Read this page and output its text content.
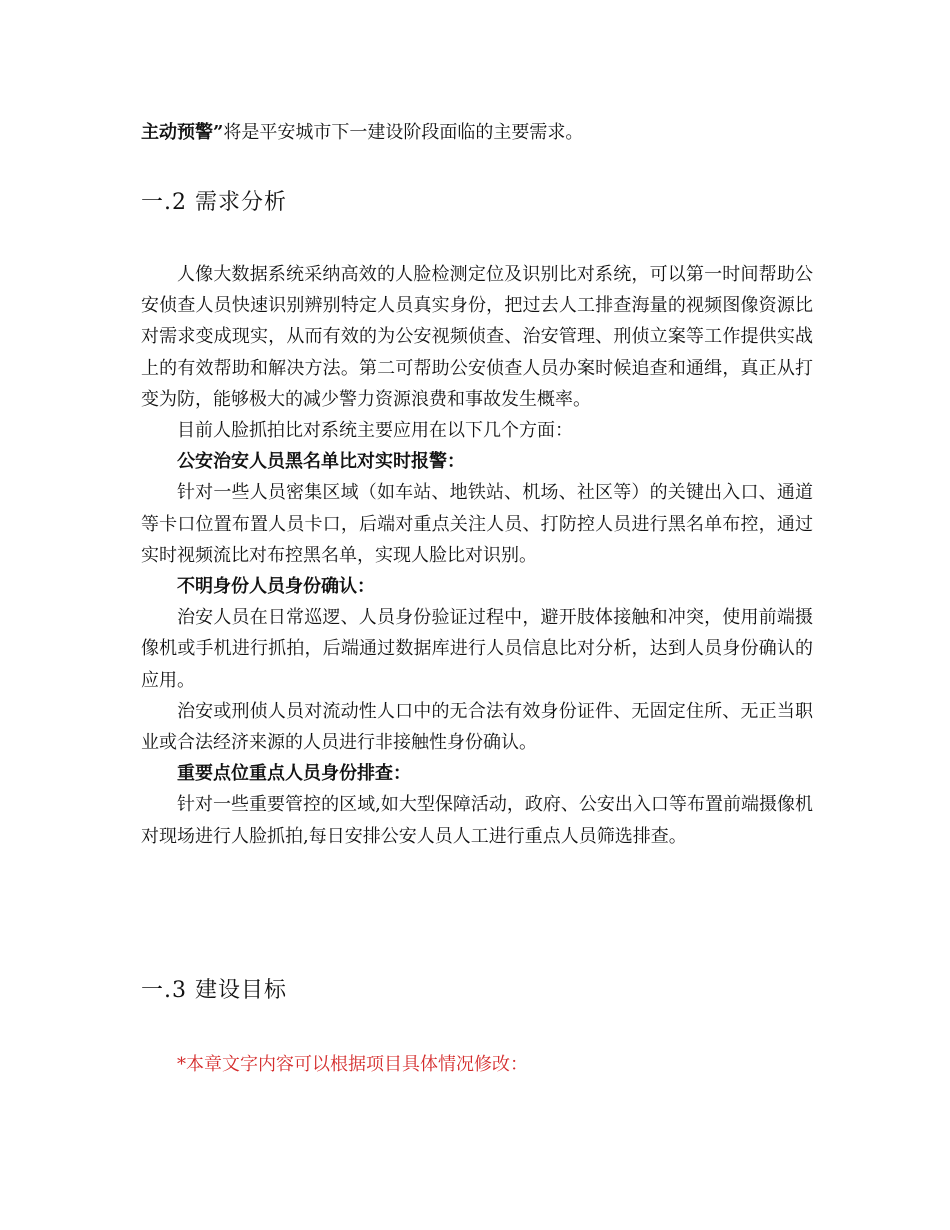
主动预警”将是平安城市下一建设阶段面临的主要需求。

一.2 需求分析

人像大数据系统采纳高效的人脸检测定位及识别比对系统，可以第一时间帮助公安侦查人员快速识别辨别特定人员真实身份，把过去人工排查海量的视频图像资源比对需求变成现实，从而有效的为公安视频侦查、治安管理、刑侦立案等工作提供实战上的有效帮助和解决方法。第二可帮助公安侦查人员办案时候追查和通缉，真正从打变为防，能够极大的减少警力资源浪费和事故发生概率。

目前人脸抓拍比对系统主要应用在以下几个方面：

公安治安人员黑名单比对实时报警：

针对一些人员密集区域（如车站、地铁站、机场、社区等）的关键出入口、通道等卡口位置布置人员卡口，后端对重点关注人员、打防控人员进行黑名单布控，通过实时视频流比对布控黑名单，实现人脸比对识别。

不明身份人员身份确认：

治安人员在日常巡逻、人员身份验证过程中，避开肢体接触和冲突，使用前端摄像机或手机进行抓拍，后端通过数据库进行人员信息比对分析，达到人员身份确认的应用。

治安或刑侦人员对流动性人口中的无合法有效身份证件、无固定住所、无正当职业或合法经济来源的人员进行非接触性身份确认。

重要点位重点人员身份排查：

针对一些重要管控的区域,如大型保障活动，政府、公安出入口等布置前端摄像机对现场进行人脸抓拍,每日安排公安人员人工进行重点人员筛选排查。

一.3 建设目标

*本章文字内容可以根据项目具体情况修改：
